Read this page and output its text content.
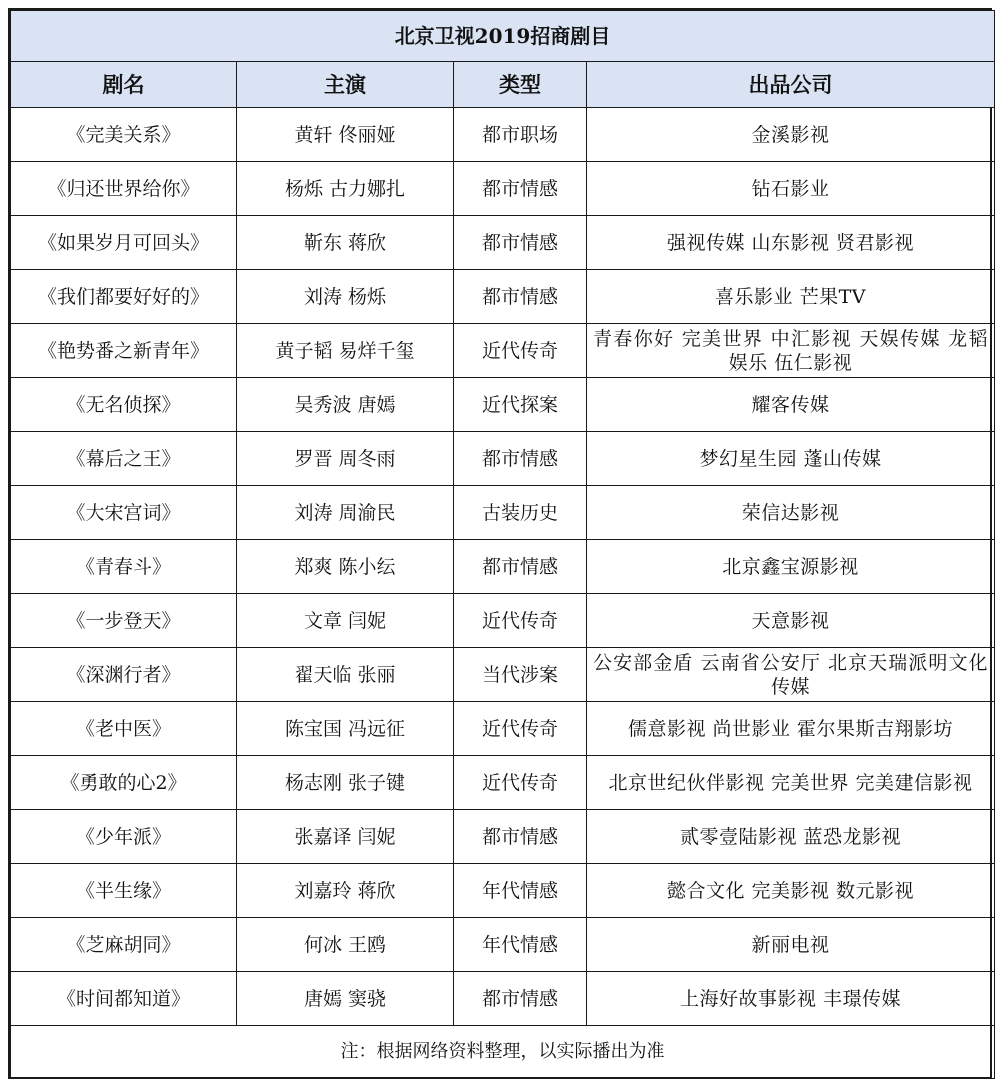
北京卫视2019招商剧目			
剧名	主演	类型	出品公司
《完美关系》	黄轩 佟丽娅	都市职场	金溪影视
《归还世界给你》	杨烁 古力娜扎	都市情感	钻石影业
《如果岁月可回头》	靳东 蒋欣	都市情感	强视传媒 山东影视 贤君影视
《我们都要好好的》	刘涛 杨烁	都市情感	喜乐影业 芒果TV
《艳势番之新青年》	黄子韬 易烊千玺	近代传奇	青春你好 完美世界 中汇影视 天娱传媒 龙韬娱乐 伍仁影视
《无名侦探》	吴秀波 唐嫣	近代探案	耀客传媒
《幕后之王》	罗晋 周冬雨	都市情感	梦幻星生园 蓬山传媒
《大宋宫词》	刘涛 周渝民	古装历史	荣信达影视
《青春斗》	郑爽 陈小纭	都市情感	北京鑫宝源影视
《一步登天》	文章 闫妮	近代传奇	天意影视
《深渊行者》	翟天临 张丽	当代涉案	公安部金盾 云南省公安厅 北京天瑞派明文化传媒
《老中医》	陈宝国 冯远征	近代传奇	儒意影视 尚世影业 霍尔果斯吉翔影坊
《勇敢的心2》	杨志刚 张子键	近代传奇	北京世纪伙伴影视 完美世界 完美建信影视
《少年派》	张嘉译 闫妮	都市情感	贰零壹陆影视 蓝恐龙影视
《半生缘》	刘嘉玲 蒋欣	年代情感	懿合文化 完美影视 数元影视
《芝麻胡同》	何冰 王鸥	年代情感	新丽电视
《时间都知道》	唐嫣 窦骁	都市情感	上海好故事影视 丰璟传媒
注：根据网络资料整理，以实际播出为准			
